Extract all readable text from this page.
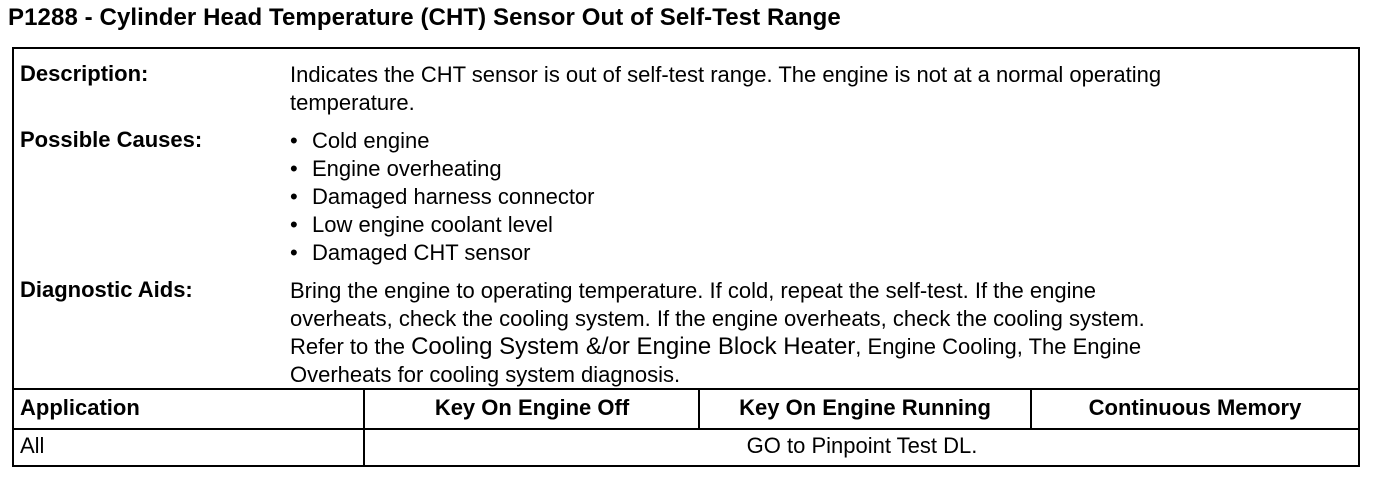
P1288 - Cylinder Head Temperature (CHT) Sensor Out of Self-Test Range
Description:	Indicates the CHT sensor is out of self-test range. The engine is not at a normal operating
temperature.
Possible Causes:	• Cold engine
• Engine overheating
• Damaged harness connector
• Low engine coolant level
• Damaged CHT sensor
Diagnostic Aids:	Bring the engine to operating temperature. If cold, repeat the self-test. If the engine
overheats, check the cooling system. If the engine overheats, check the cooling system.
Refer to the Cooling System &/or Engine Block Heater, Engine Cooling, The Engine
Overheats for cooling system diagnosis.
Application	Key On Engine Off	Key On Engine Running	Continuous Memory
All	GO to Pinpoint Test DL.
